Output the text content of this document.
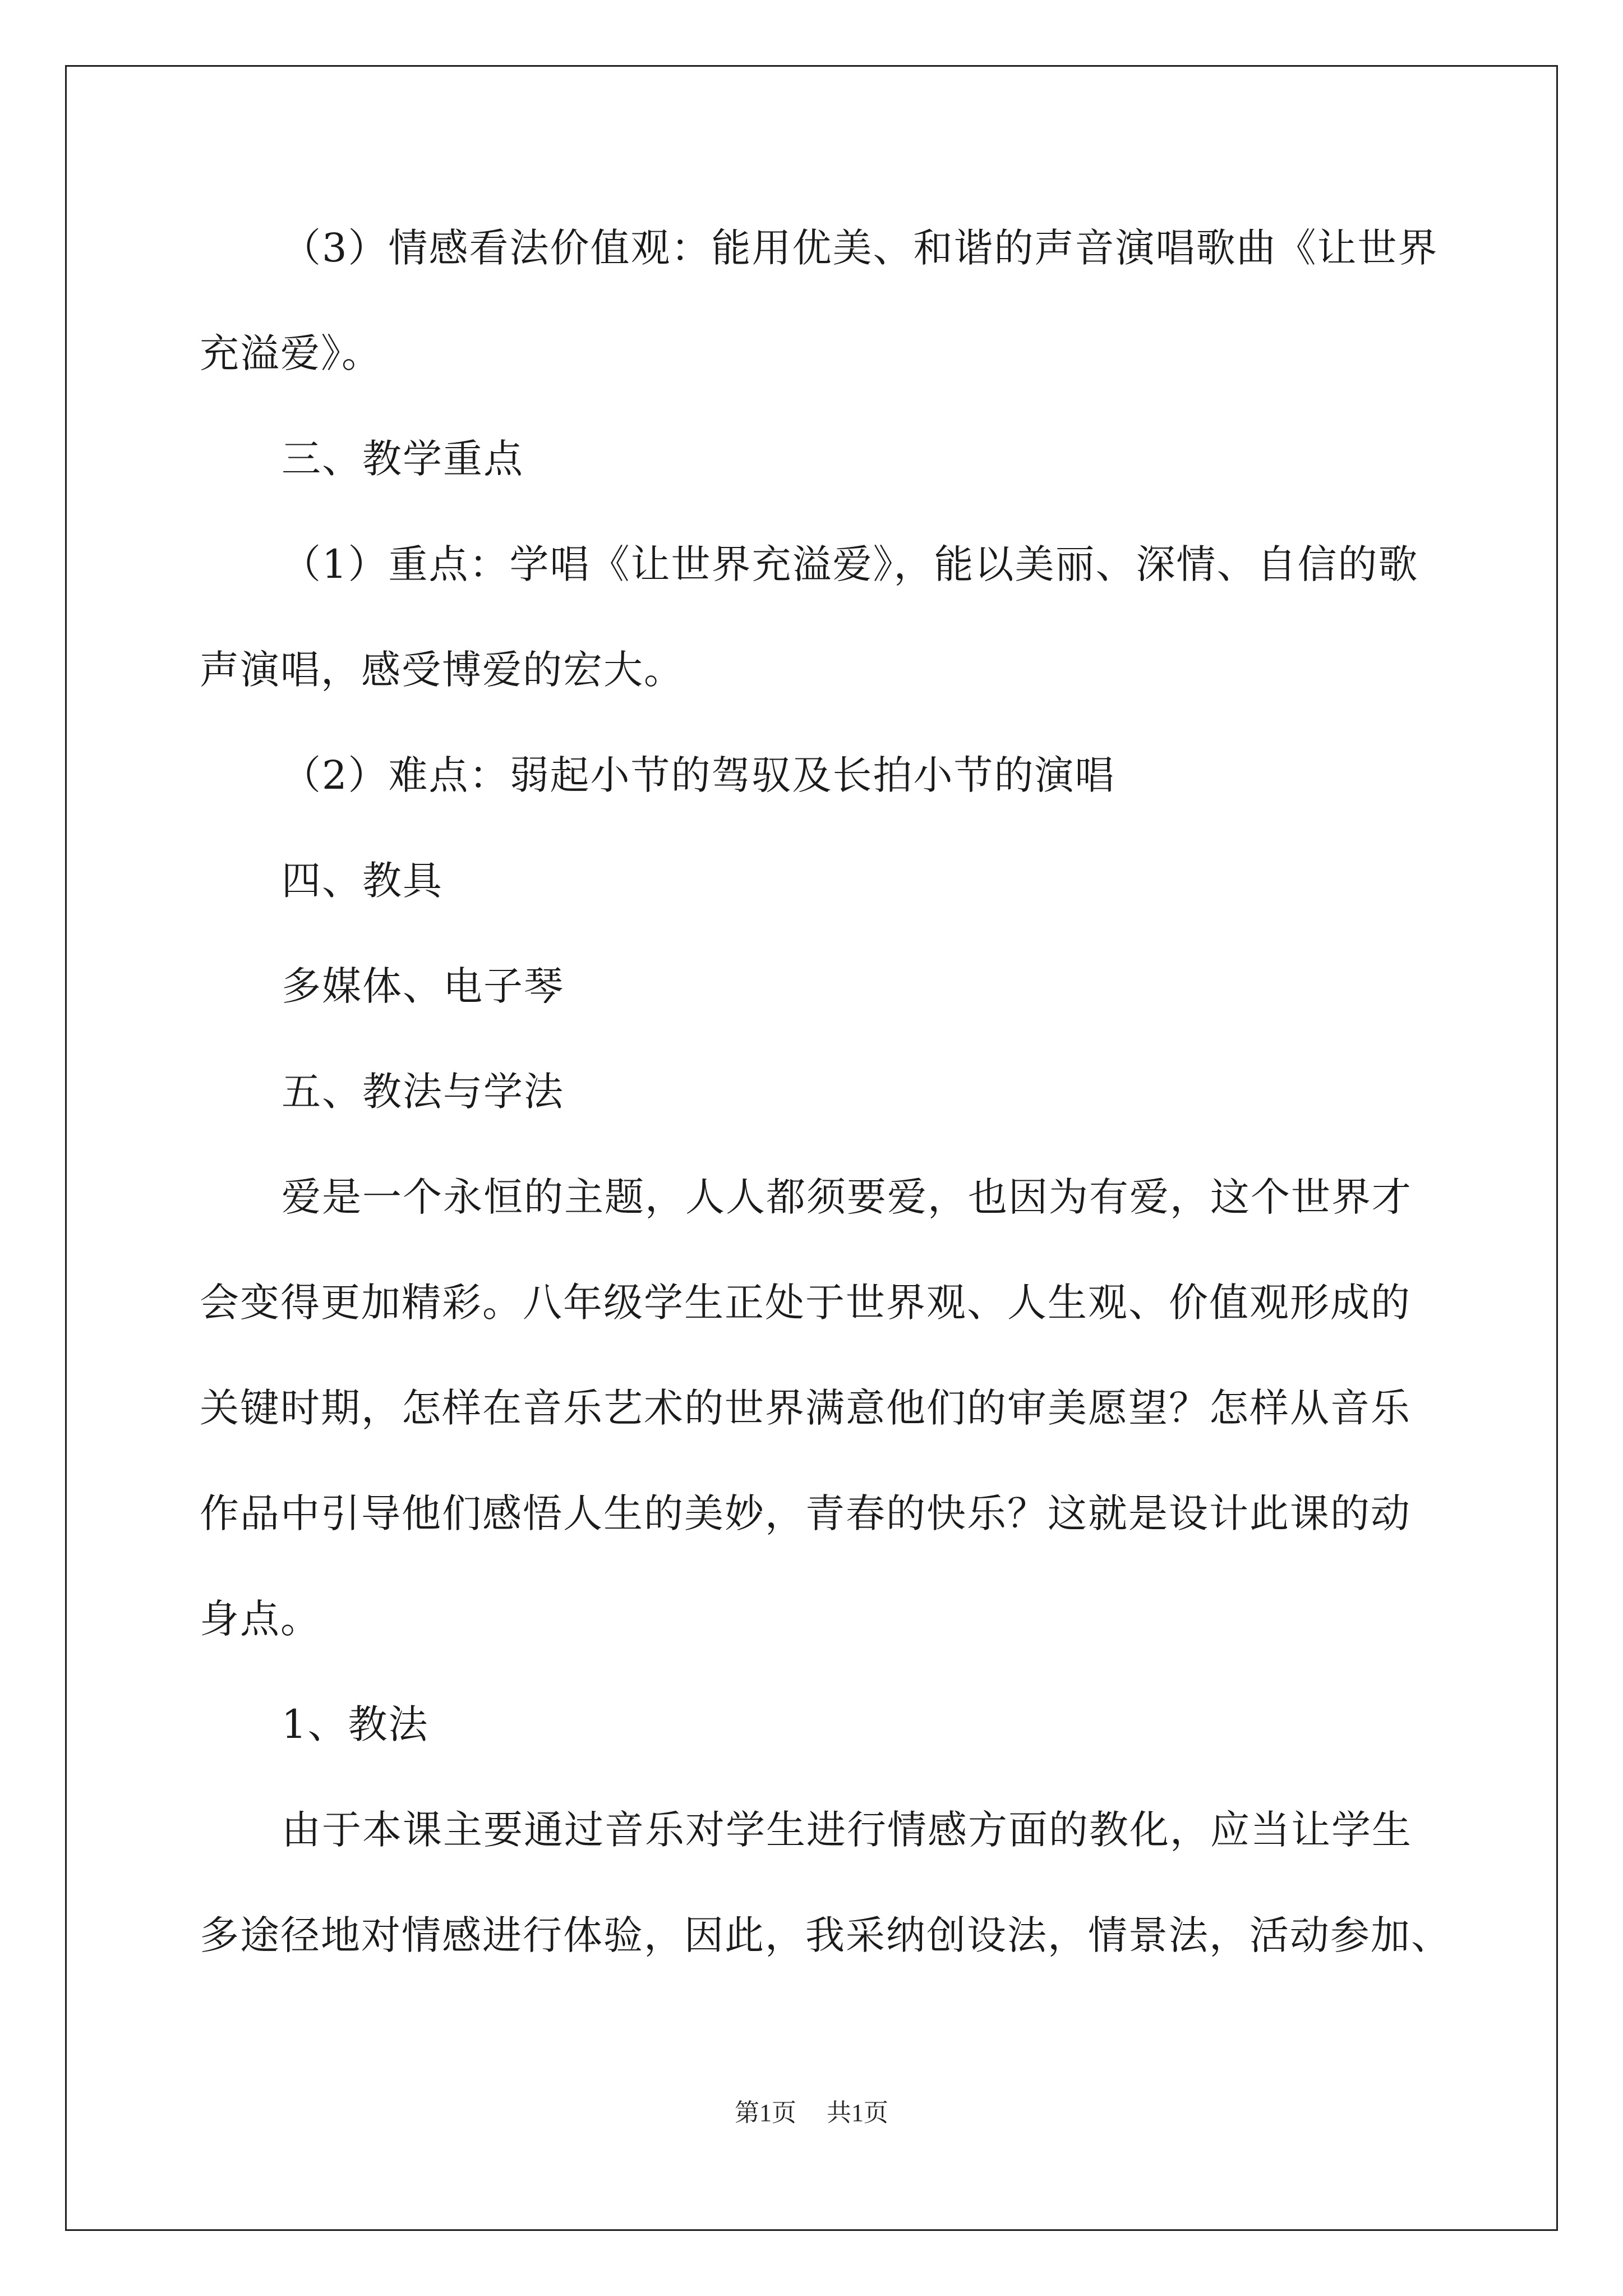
（3）情感看法价值观：能用优美、和谐的声音演唱歌曲《让世界
充溢爱》。
三、教学重点
（1）重点：学唱《让世界充溢爱》，能以美丽、深情、自信的歌
声演唱，感受博爱的宏大。
（2）难点：弱起小节的驾驭及长拍小节的演唱
四、教具
多媒体、电子琴
五、教法与学法
爱是一个永恒的主题，人人都须要爱，也因为有爱，这个世界才
会变得更加精彩。八年级学生正处于世界观、人生观、价值观形成的
关键时期，怎样在音乐艺术的世界满意他们的审美愿望？怎样从音乐
作品中引导他们感悟人生的美妙，青春的快乐？这就是设计此课的动
身点。
1、教法
由于本课主要通过音乐对学生进行情感方面的教化，应当让学生
多途径地对情感进行体验，因此，我采纳创设法，情景法，活动参加、
第1页 共1页
